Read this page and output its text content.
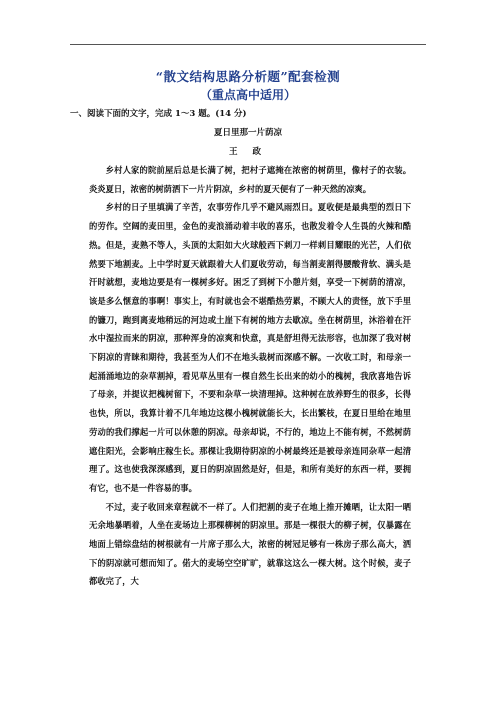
“散文结构思路分析题”配套检测
（重点高中适用）
一、阅读下面的文字，完成 1～3 题。(14 分)
夏日里那一片荫凉
王 政

乡村人家的院前屋后总是长满了树，把村子遮掩在浓密的树荫里，像村子的衣装。炎炎夏日，浓密的树荫洒下一片片阴凉，乡村的夏天便有了一种天然的凉爽。

乡村的日子里填满了辛苦，农事劳作几乎不避风雨烈日。夏收便是最典型的烈日下的劳作。空阔的麦田里，金色的麦浪涌动着丰收的喜乐，也散发着令人生畏的火辣和酷热。但是，麦熟不等人，头顶的太阳如大火球般西下刺刀一样刺目耀眼的光芒，人们依然要下地割麦。上中学时夏天就跟着大人们夏收劳动，每当割麦割得腰酸背软、满头是汗时就想，麦地边要是有一棵树多好。困乏了到树下小憩片刻，享受一下树荫的清凉，该是多么惬意的事啊！事实上，有时就也会不堪酷热劳累，不顾大人的责怪，放下手里的镰刀，跑到离麦地稍远的河边或土崖下有树的地方去歇凉。坐在树荫里，沐浴着在汗水中湿拉而来的阴凉，那种浑身的凉爽和快意，真是舒坦得无法形容，也加深了我对树下阴凉的青睐和期待，我甚至为人们不在地头栽树而深感不解。一次收工时，和母亲一起涌涌地边的杂草割掉，看见草丛里有一棵自然生长出来的幼小的槐树，我欣喜地告诉了母亲，并提议把槐树留下，不要和杂草一块清理掉。这种树在放养野生的很多，长得也快，所以，我算计着不几年地边这棵小槐树就能长大，长出繁枝，在夏日里给在地里劳动的我们撑起一片可以休憩的阴凉。母亲却说，不行的，地边上不能有树，不然树荫遮住阳光，会影响庄稼生长。那棵让我期待阴凉的小树最终还是被母亲连同杂草一起清理了。这也使我深深感到，夏日的阴凉固然是好，但是，和所有美好的东西一样，要拥有它，也不是一件容易的事。

不过，麦子收回来章程就不一样了。人们把割的麦子在地上推开摊晒，让太阳一晒无余地暴晒着，人坐在麦场边上那棵柳树的阴凉里。那是一棵很大的柳子树，仅暴露在地面上错综盘结的树根就有一片席子那么大，浓密的树冠足够有一株房子那么高大，洒下的阴凉就可想而知了。偌大的麦场空空旷旷，就靠这这么一棵大树。这个时候，麦子都收完了，大
